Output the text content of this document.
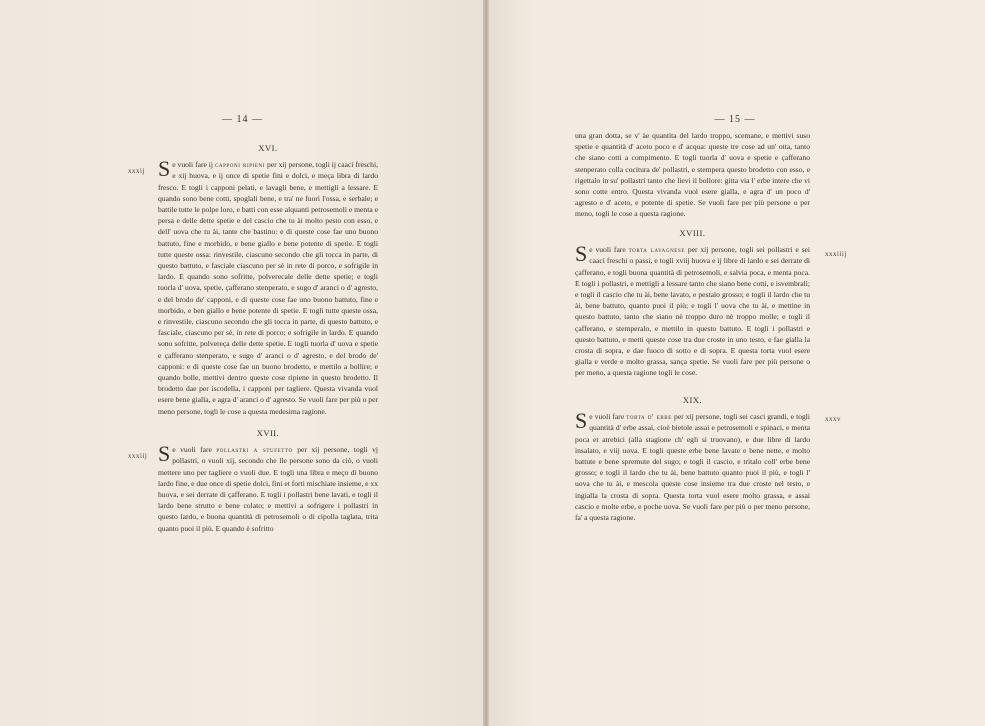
— 14 —
xxxij
XVI.

S e vuoli fare ij capponi ripieni per xij persone, togli ij caaci freschi, e xij huova, e ij once di spetie fini e dolci, e meça libra di lardo fresco. E togli i capponi pelati, e lavagli bene, e mettigli a lessare. E quando sono bene cotti, spoglali bene, e tra' ne fuori l'ossa, e serbale; e battile tutte le polpe loro, e batti con esse alquanti petrosemoli e menta e persa e delle dette spetie e del cascio che tu ài molto pesto con esso, e dell' uova che tu ài, tante che bastino: e di queste cose fae uno buono battuto, fine e morbido, e bene giallo e bene potente di spetie. E togli tutte queste ossa: rinvestile, ciascuno secondo che gli tocca in parte, di questo battuto, e fasciale ciascuno per sè in rete di porco, e sofrigile in lardo. E quando sono sofritte, polverecale delle dette spetie; e togli tuorla d' uova, spetie, çafferano stenperato, e sugo d' aranci o d' agresto, e del brodo de' capponi, e di queste cose fae uno buono battuto, fine e morbido, e ben giallo e bene potente di spetie. E togli tutte queste ossa, e rinvestile, ciascuno secondo che gli tocca in parte, di questo battuto, e fasciale, ciascuno per sè, in rete di porco; e sofrigile in lardo. E quando sono sofritte, polvereça delle dette spetie. E togli tuorla d' uova e spetie e çafferano stenperato, e sugo d' aranci o d' agresto, e del brodo de' capponi: e di queste cose fae un buono brodetto, e mettilo a bollire; e quando bolle, mettivi dentro queste cose ripiene in questo brodetto. Il brodetto dae per iscodella, i capponi per tagliere. Questa vivanda vuol esere bene gialla, e agra d' aranci o d' agresto. Se vuoli fare per più o per meno persone, togli le cose a questa medesima ragione.

xxxiij
XVII.

S e vuoli fare pollastri a stufetto per xij persone, togli vj pollastri, o vuoli xij, secondo che lle persone sono da ciò, o vuoli mettere uno per tagliere o vuoli due. E togli una libra e meço di buono lardo fine, e due once di spetie dolci, fini et forti mischiate insieme, e xx huova, e sei derrate di çafferano. E togli i pollastri bene lavati, e togli il lardo bene strutto e bene colato; e mettivi a sofrigere i pollastri in questo lardo, e buona quantità di petrosemoli o di cipolla taglata, trita quanto puoi il più. E quando è sofritto

— 15 —

una gran dotta, se v' àe quantita del lardo troppo, scemane, e mettivi suso spetie e quantità d' aceto poco e d' acqua: queste tre cose ad un' otta, tanto che siano cotti a compimento. E togli tuorla d' uova e spetie e çafferano stenperato colla cocitura de' pollastri, e stempera questo brodetto con esso, e rigettalo in su' pollastri tanto che lievi il bollore: gitta via l' erbe intere che vi sono cotte entro. Questa vivanda vuol esere gialla, e agra d' un poco d' agresto e d' aceto, e potente di spetie. Se vuoli fare per più persone o per meno, togli le cose a questa ragione.

xxxiiij
XVIII.

S e vuoli fare torta lavagnese per xij persone, togli sei pollastri e sei caaci freschi o passi, e togli xviij huova e ij libre di lardo e sei derrate di çafferano, e togli buona quantità di petrosemoli, e salvia poca, e menta poca. E togli i pollastri, e mettigli a lessare tanto che siano bene cotti, e isvembrali; e togli il cascio che tu ài, bene lavato, e pestalo grosso; e togli il lardo che tu ài, bene battuto, quanto puoi il più; e togli l' uova che tu ài, e mettine in questo battuto, tanto che siano nè troppo duro nè troppo molle; e togli il çafferano, e stemperalo, e mettilo in questo battuto. E togli i pollastri e questo battuto, e metti queste cose tra due croste in uno testo, e fae gialla la crosta di sopra, e dae fuoco di sotto e di sopra. E questa torta vuol esere gialla e verde e molto grassa, sança spetie. Se vuoli fare per più persone o per meno, a questa ragione togli le cose.

xxxv
XIX.

S e vuoli fare torta d' erbe per xij persone, togli sei casci grandi, e togli quantità d' erbe assai, cioè bietole assai e petrosemoli e spinaci, e menta poca et atrebici (alla stagione ch' egli si truovano), e due libre di lardo insalato, e viij uova. E togli queste erbe bene lavate e bene nette, e molto battute e bene spremute del sugo; e togli il cascio, e tritalo coll' erbe bene grosso; e togli il lardo che tu ài, bene battuto quanto puoi il più, e togli l' uova che tu ài, e mescola queste cose insieme tra due croste nel testo, e ingialla la crosta di sopra. Questa torta vuol esere molto grassa, e assai cascio e molte erbe, e poche uova. Se vuoli fare per più o per meno persone, fa' a questa ragione.
